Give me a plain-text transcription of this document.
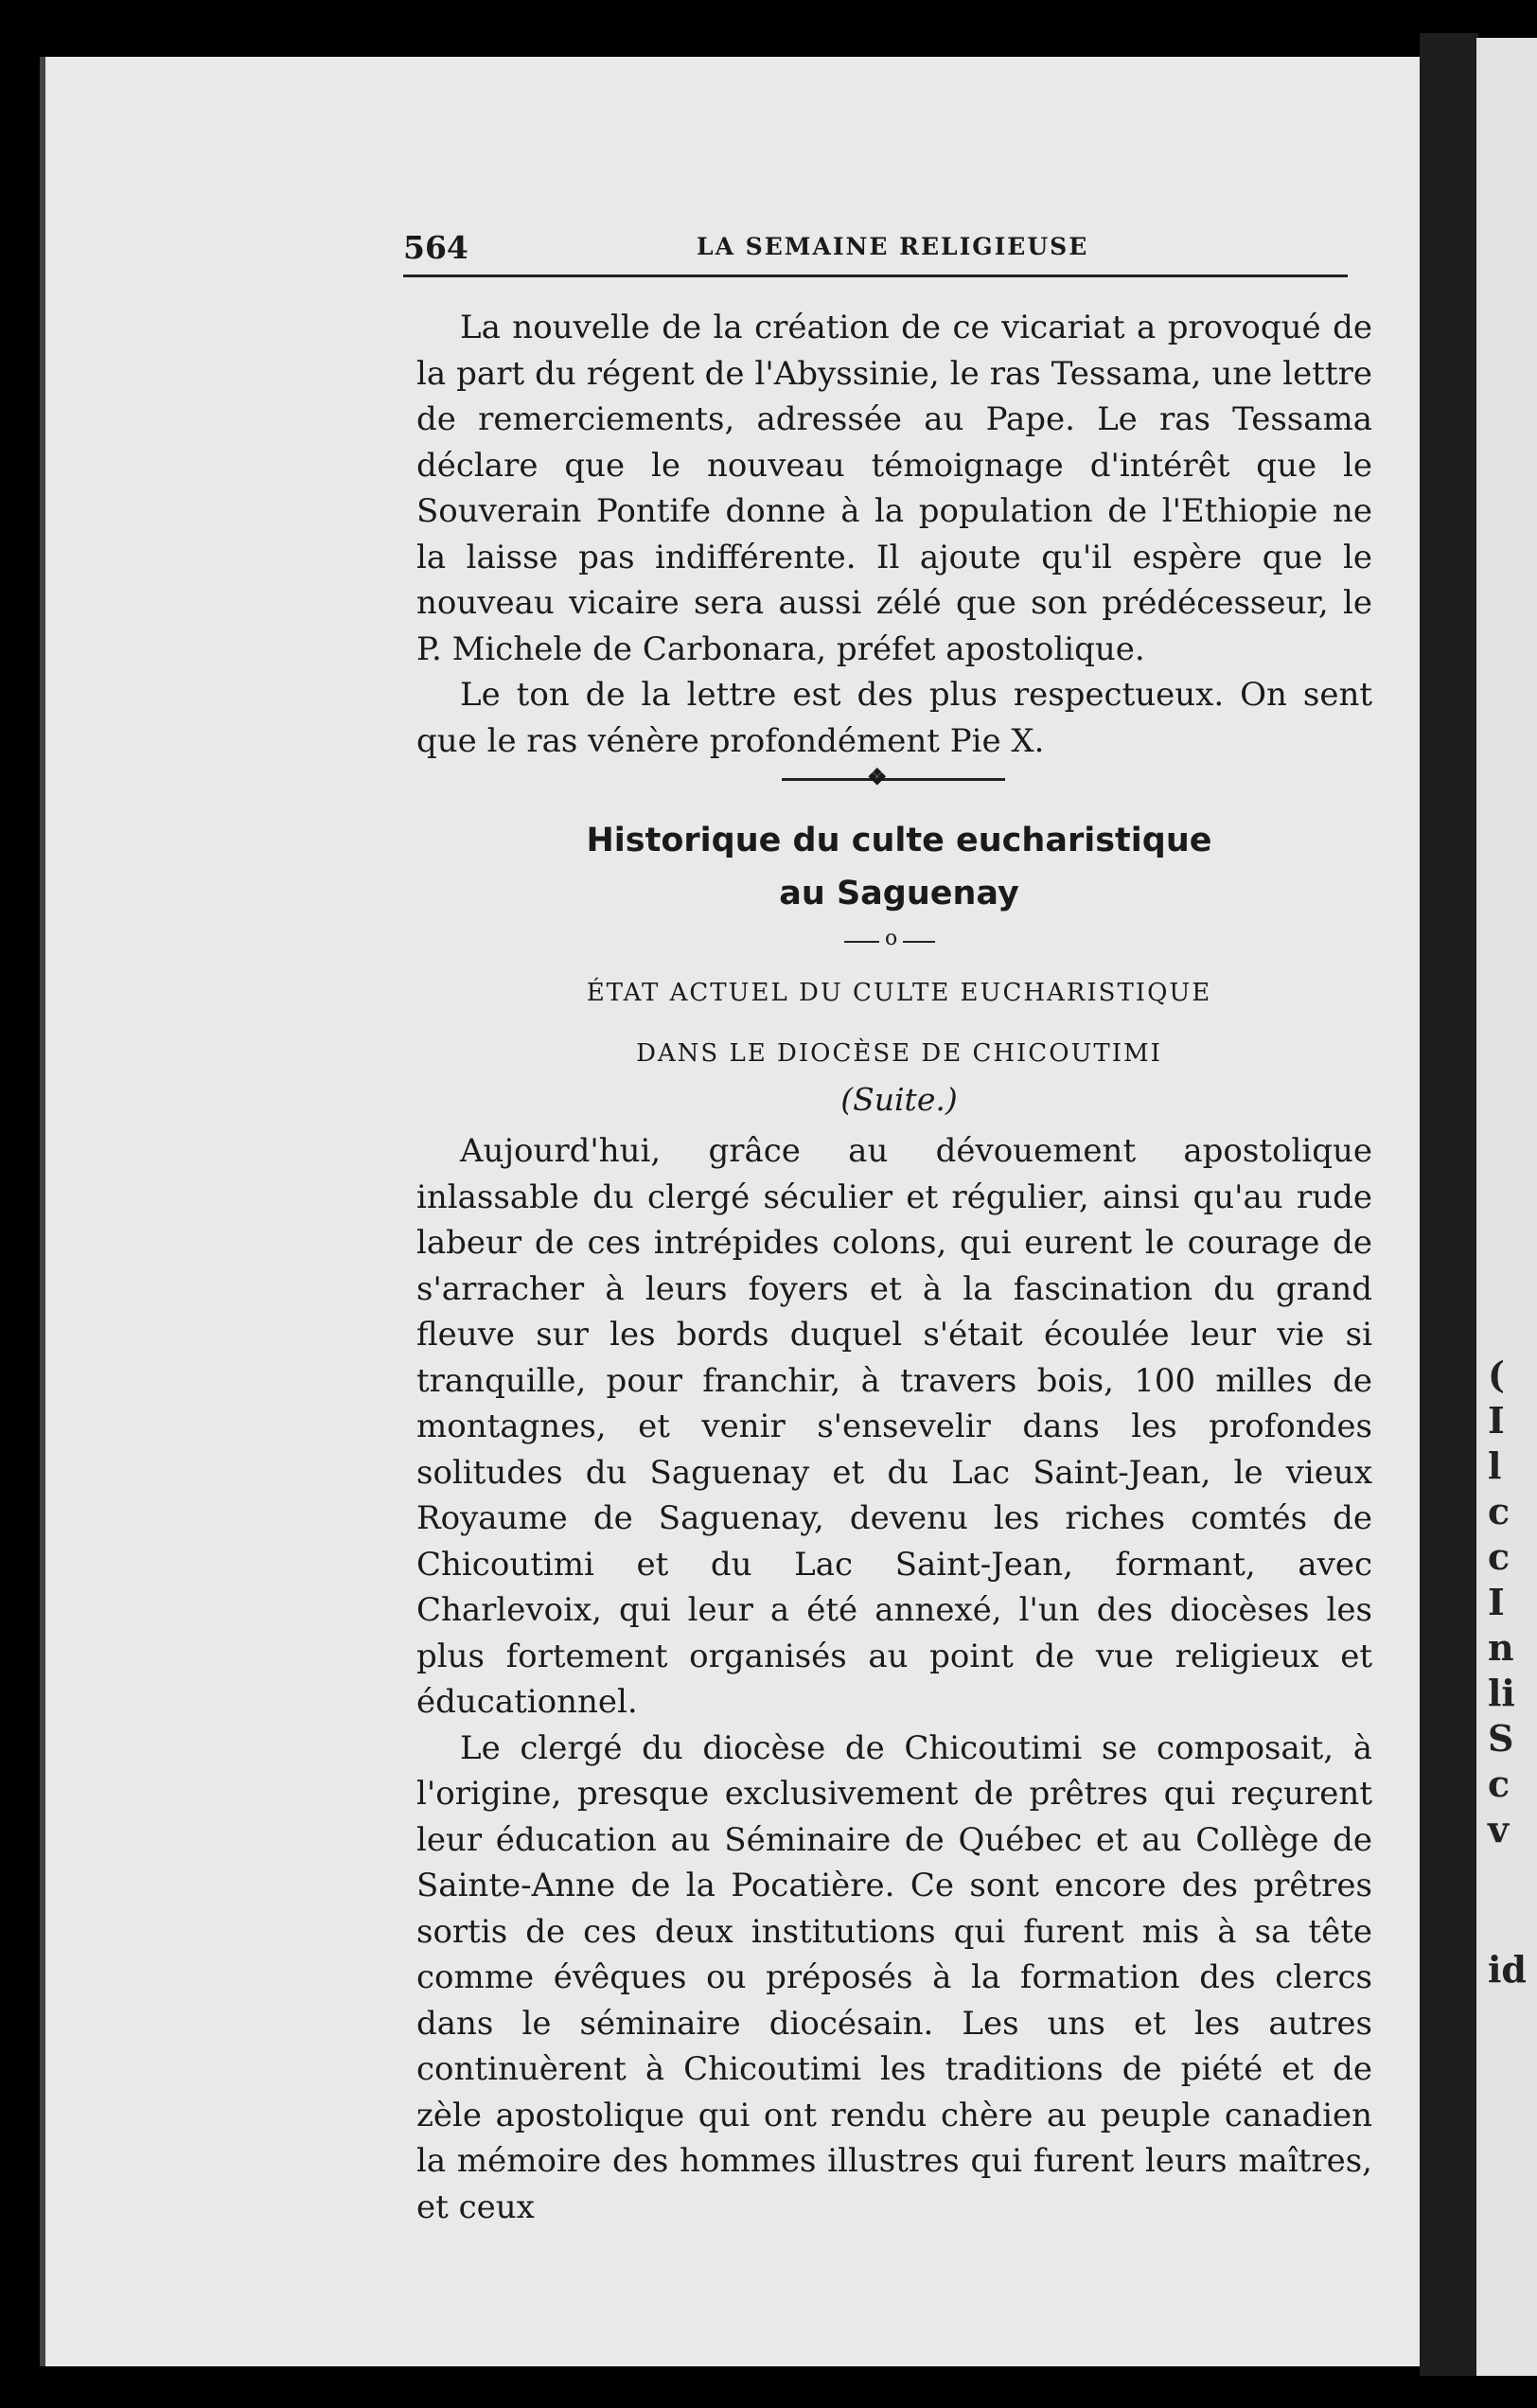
(
I
l
c
c
I
n
li
S
c
v
id
564	LA SEMAINE RELIGIEUSE

La nouvelle de la création de ce vicariat a provoqué de la part du régent de l'Abyssinie, le ras Tessama, une lettre de remerciements, adressée au Pape. Le ras Tessama déclare que le nouveau témoignage d'intérêt que le Souverain Pontife donne à la population de l'Ethiopie ne la laisse pas indifférente. Il ajoute qu'il espère que le nouveau vicaire sera aussi zélé que son prédécesseur, le P. Michele de Carbonara, préfet apostolique.

Le ton de la lettre est des plus respectueux. On sent que le ras vénère profondément Pie X.

❖
Historique du culte eucharistique
au Saguenay
o
ÉTAT ACTUEL DU CULTE EUCHARISTIQUE
DANS LE DIOCÈSE DE CHICOUTIMI
(Suite.)

Aujourd'hui, grâce au dévouement apostolique inlassable du clergé séculier et régulier, ainsi qu'au rude labeur de ces intrépides colons, qui eurent le courage de s'arracher à leurs foyers et à la fascination du grand fleuve sur les bords duquel s'était écoulée leur vie si tranquille, pour franchir, à travers bois, 100 milles de montagnes, et venir s'ensevelir dans les profondes solitudes du Saguenay et du Lac Saint-Jean, le vieux Royaume de Saguenay, devenu les riches comtés de Chicoutimi et du Lac Saint-Jean, formant, avec Charlevoix, qui leur a été annexé, l'un des diocèses les plus fortement organisés au point de vue religieux et éducationnel.

Le clergé du diocèse de Chicoutimi se composait, à l'origine, presque exclusivement de prêtres qui reçurent leur éducation au Séminaire de Québec et au Collège de Sainte-Anne de la Pocatière. Ce sont encore des prêtres sortis de ces deux institutions qui furent mis à sa tête comme évêques ou préposés à la formation des clercs dans le séminaire diocésain. Les uns et les autres continuèrent à Chicoutimi les traditions de piété et de zèle apostolique qui ont rendu chère au peuple canadien la mémoire des hommes illustres qui furent leurs maîtres, et ceux
